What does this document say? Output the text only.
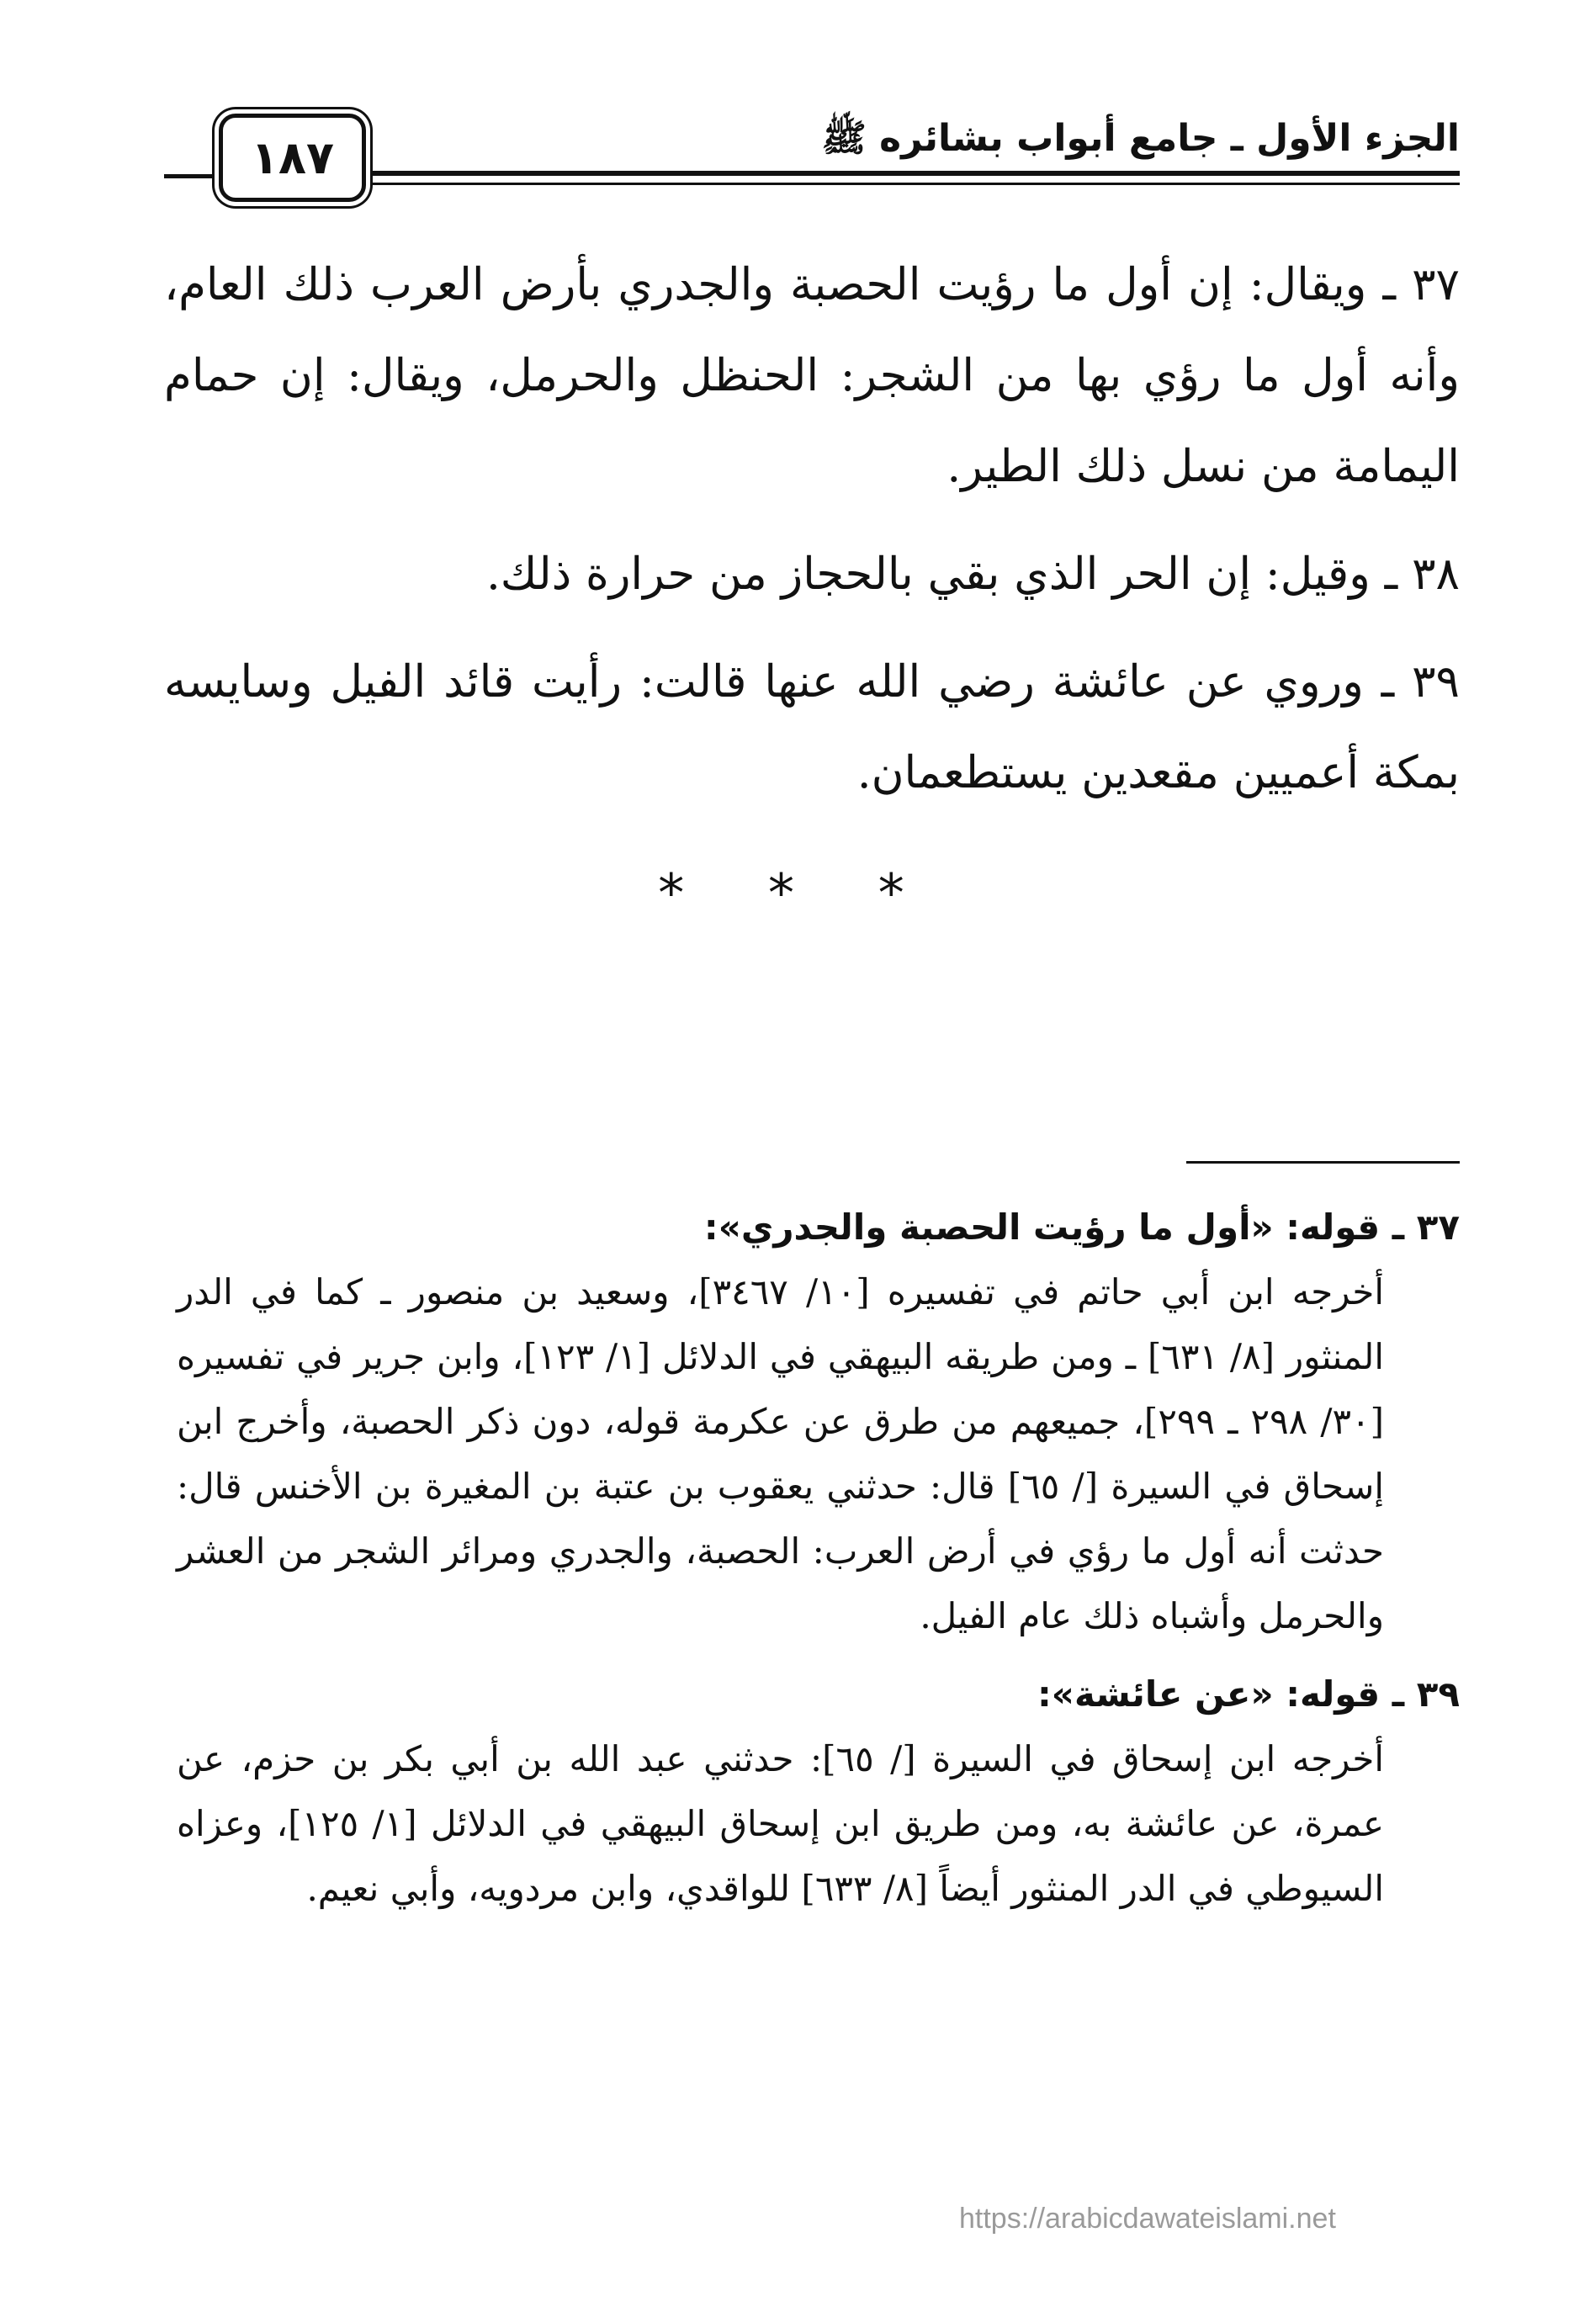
الجزء الأول ـ جامع أبواب بشائره ﷺ
١٨٧

٣٧ ـ ويقال: إن أول ما رؤيت الحصبة والجدري بأرض العرب ذلك العام، وأنه أول ما رؤي بها من الشجر: الحنظل والحرمل، ويقال: إن حمام اليمامة من نسل ذلك الطير.

٣٨ ـ وقيل: إن الحر الذي بقي بالحجاز من حرارة ذلك.

٣٩ ـ وروي عن عائشة رضي الله عنها قالت: رأيت قائد الفيل وسايسه بمكة أعميين مقعدين يستطعمان.

* * *

٣٧ ـ قوله: «أول ما رؤيت الحصبة والجدري»:

أخرجه ابن أبي حاتم في تفسيره [١٠/ ٣٤٦٧]، وسعيد بن منصور ـ كما في الدر المنثور [٨/ ٦٣١] ـ ومن طريقه البيهقي في الدلائل [١/ ١٢٣]، وابن جرير في تفسيره [٣٠/ ٢٩٨ ـ ٢٩٩]، جميعهم من طرق عن عكرمة قوله، دون ذكر الحصبة، وأخرج ابن إسحاق في السيرة [/ ٦٥] قال: حدثني يعقوب بن عتبة بن المغيرة بن الأخنس قال: حدثت أنه أول ما رؤي في أرض العرب: الحصبة، والجدري ومرائر الشجر من العشر والحرمل وأشباه ذلك عام الفيل.

٣٩ ـ قوله: «عن عائشة»:

أخرجه ابن إسحاق في السيرة [/ ٦٥]: حدثني عبد الله بن أبي بكر بن حزم، عن عمرة، عن عائشة به، ومن طريق ابن إسحاق البيهقي في الدلائل [١/ ١٢٥]، وعزاه السيوطي في الدر المنثور أيضاً [٨/ ٦٣٣] للواقدي، وابن مردويه، وأبي نعيم.

https://arabicdawateislami.net
